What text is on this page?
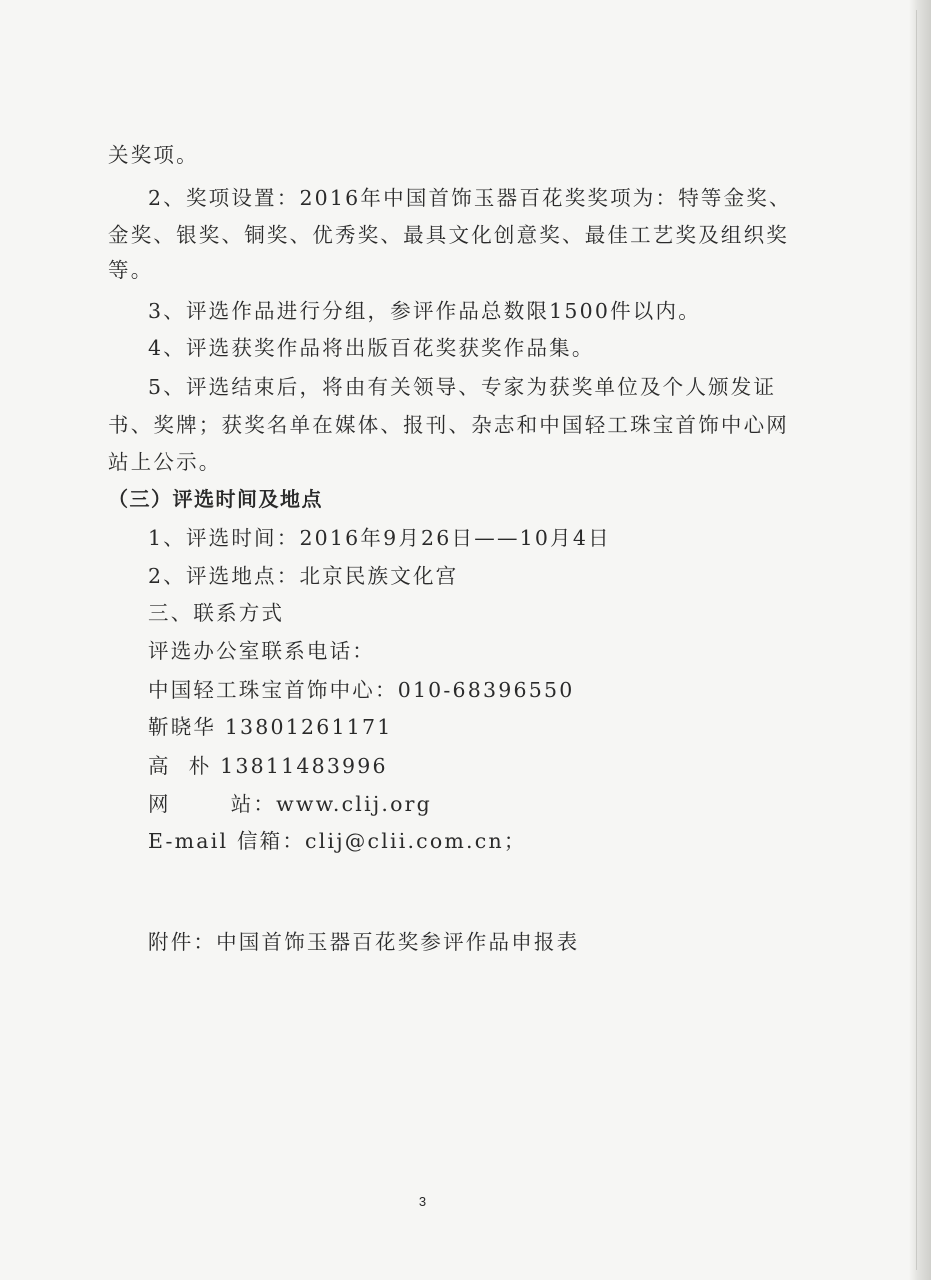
关奖项。
2、奖项设置：2016年中国首饰玉器百花奖奖项为：特等金奖、
金奖、银奖、铜奖、优秀奖、最具文化创意奖、最佳工艺奖及组织奖
等。
3、评选作品进行分组，参评作品总数限1500件以内。
4、评选获奖作品将出版百花奖获奖作品集。
5、评选结束后，将由有关领导、专家为获奖单位及个人颁发证
书、奖牌；获奖名单在媒体、报刊、杂志和中国轻工珠宝首饰中心网
站上公示。
（三）评选时间及地点
1、评选时间：2016年9月26日——10月4日
2、评选地点：北京民族文化宫
三、联系方式
评选办公室联系电话：
中国轻工珠宝首饰中心：010-68396550
靳晓华 13801261171
高 朴 13811483996
网	站：www.clij.org
E-mail 信箱：clij@clii.com.cn；
附件：中国首饰玉器百花奖参评作品申报表
3
